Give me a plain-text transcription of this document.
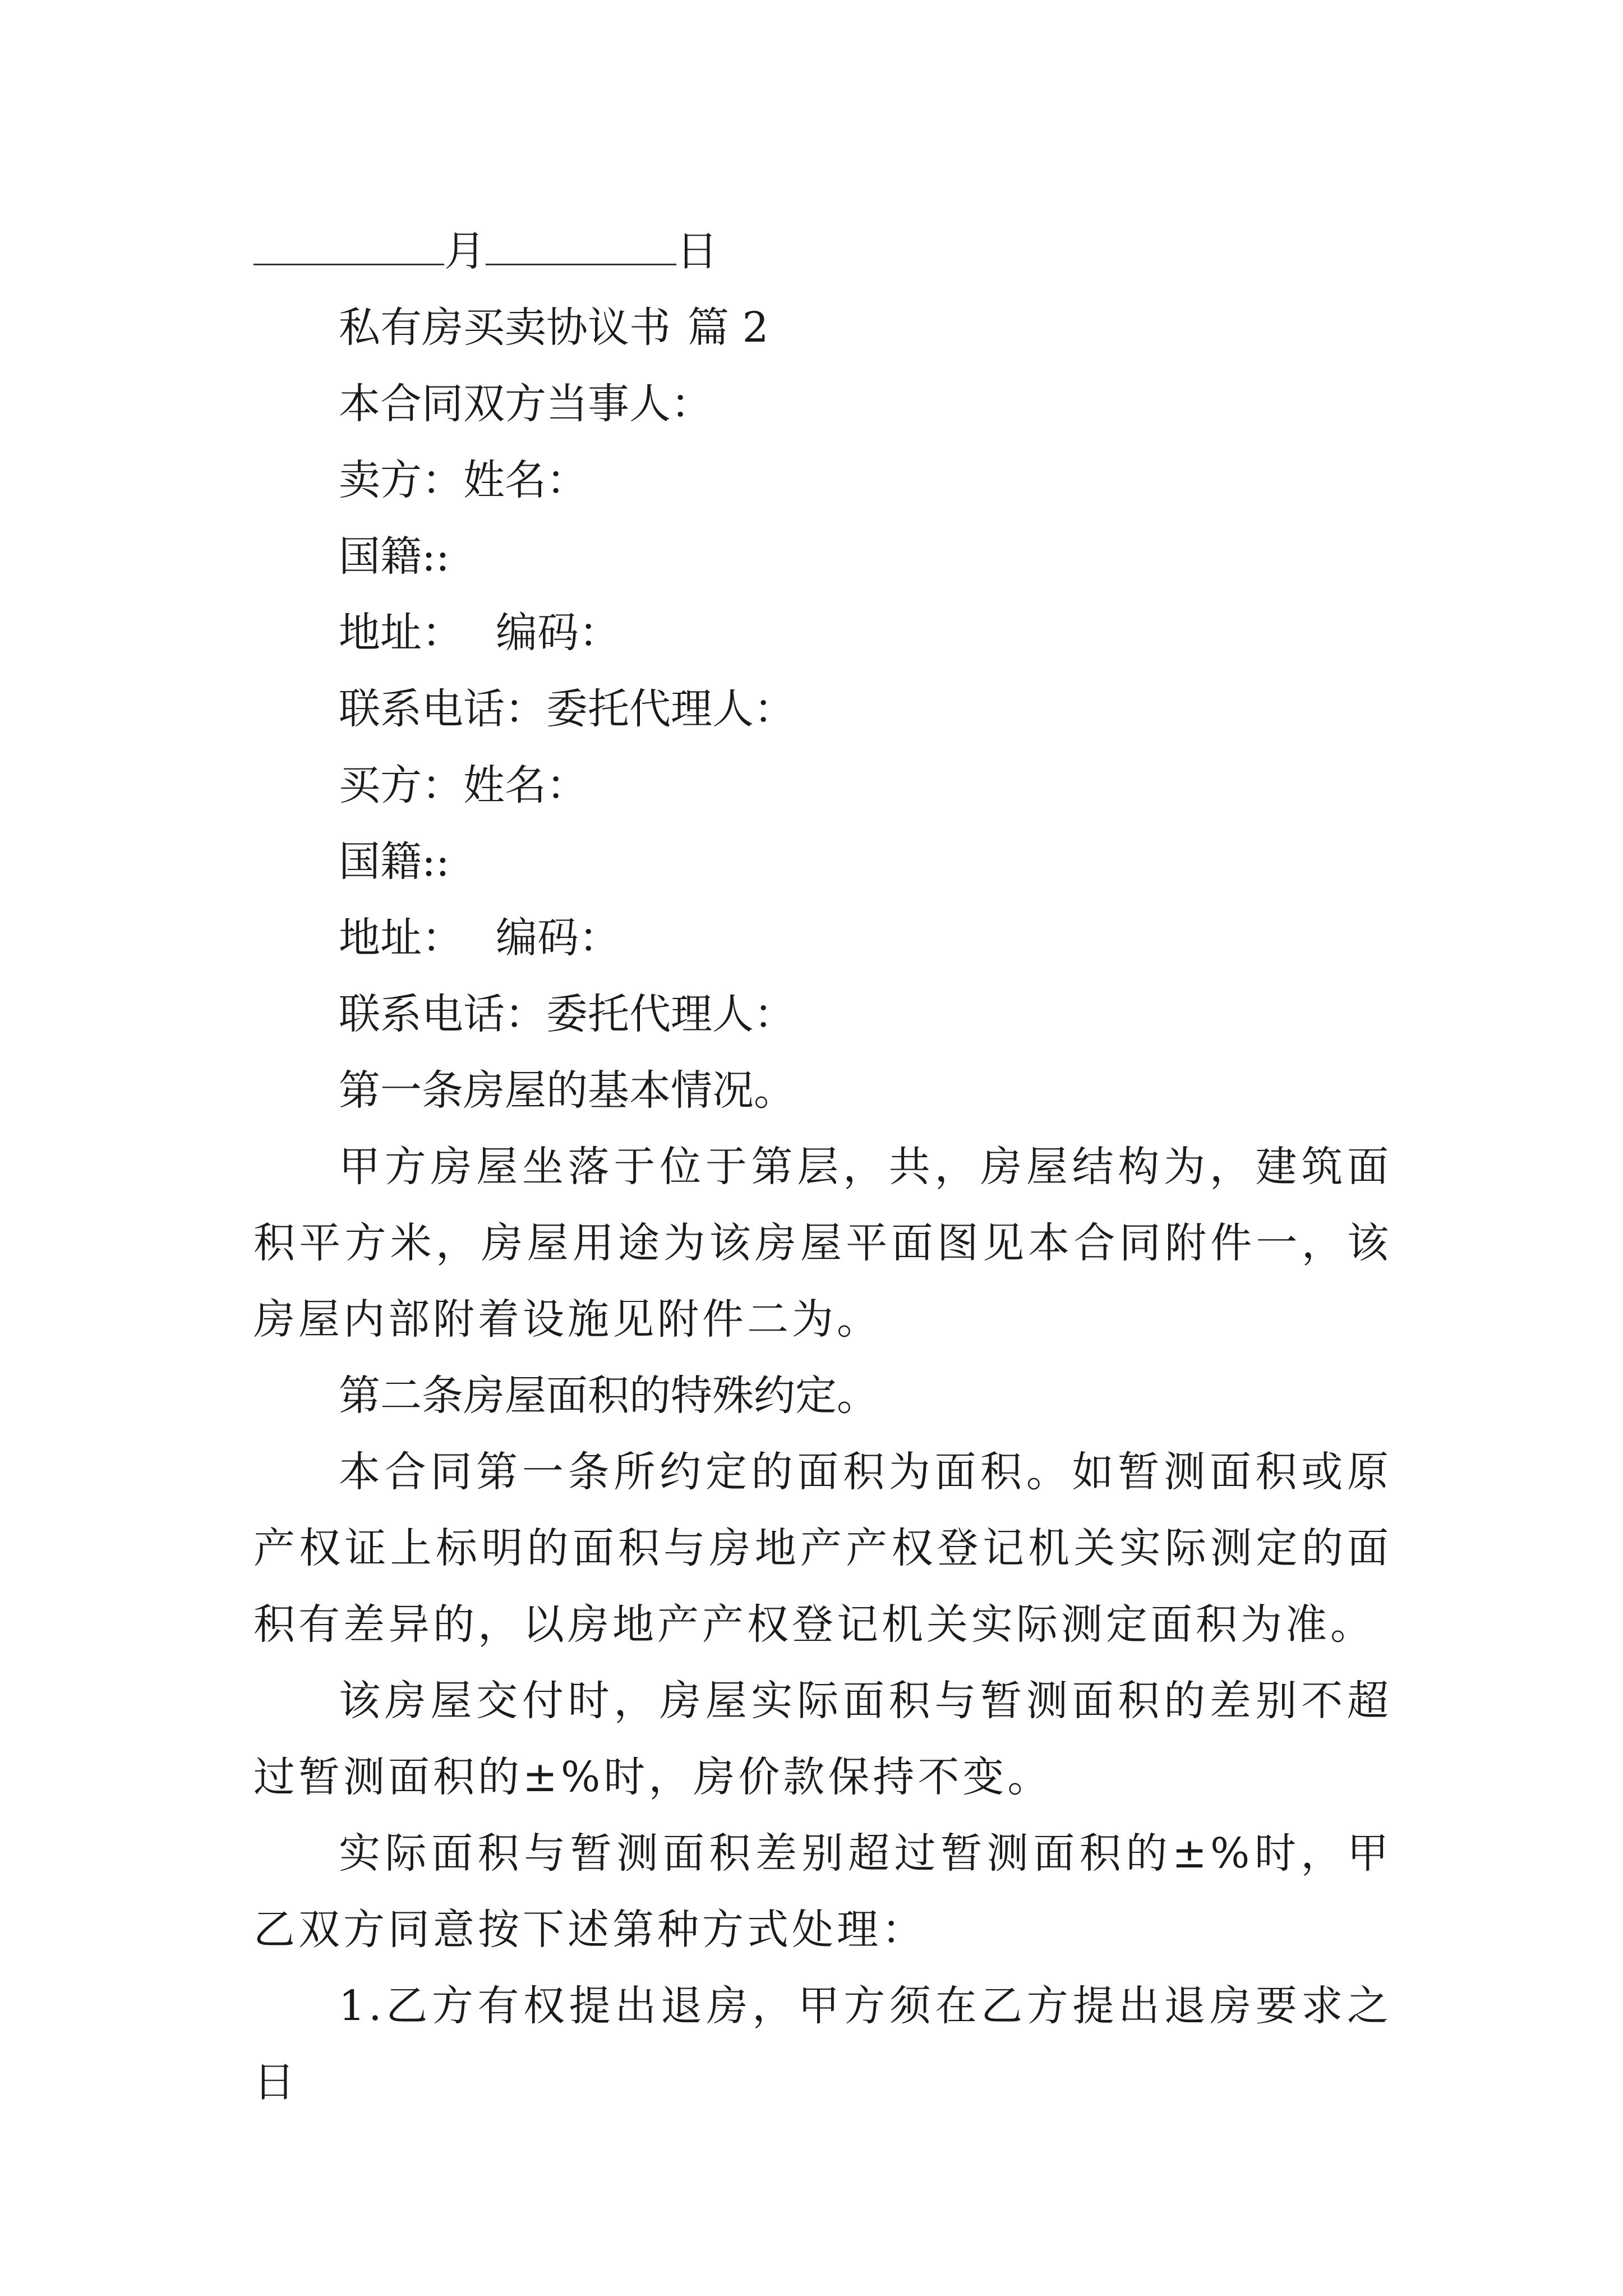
月	日
私有房买卖协议书 篇 2
本合同双方当事人：
卖方：姓名：
国籍::
地址： 编码：
联系电话：委托代理人：
买方：姓名：
国籍::
地址： 编码：
联系电话：委托代理人：
第一条房屋的基本情况。
甲方房屋坐落于位于第层，共，房屋结构为，建筑面积平方米，房屋用途为该房屋平面图见本合同附件一，该房屋内部附着设施见附件二为。
第二条房屋面积的特殊约定。
本合同第一条所约定的面积为面积。如暂测面积或原产权证上标明的面积与房地产产权登记机关实际测定的面积有差异的，以房地产产权登记机关实际测定面积为准。
该房屋交付时，房屋实际面积与暂测面积的差别不超过暂测面积的±%时，房价款保持不变。
实际面积与暂测面积差别超过暂测面积的±%时，甲乙双方同意按下述第种方式处理：
1.乙方有权提出退房，甲方须在乙方提出退房要求之日
